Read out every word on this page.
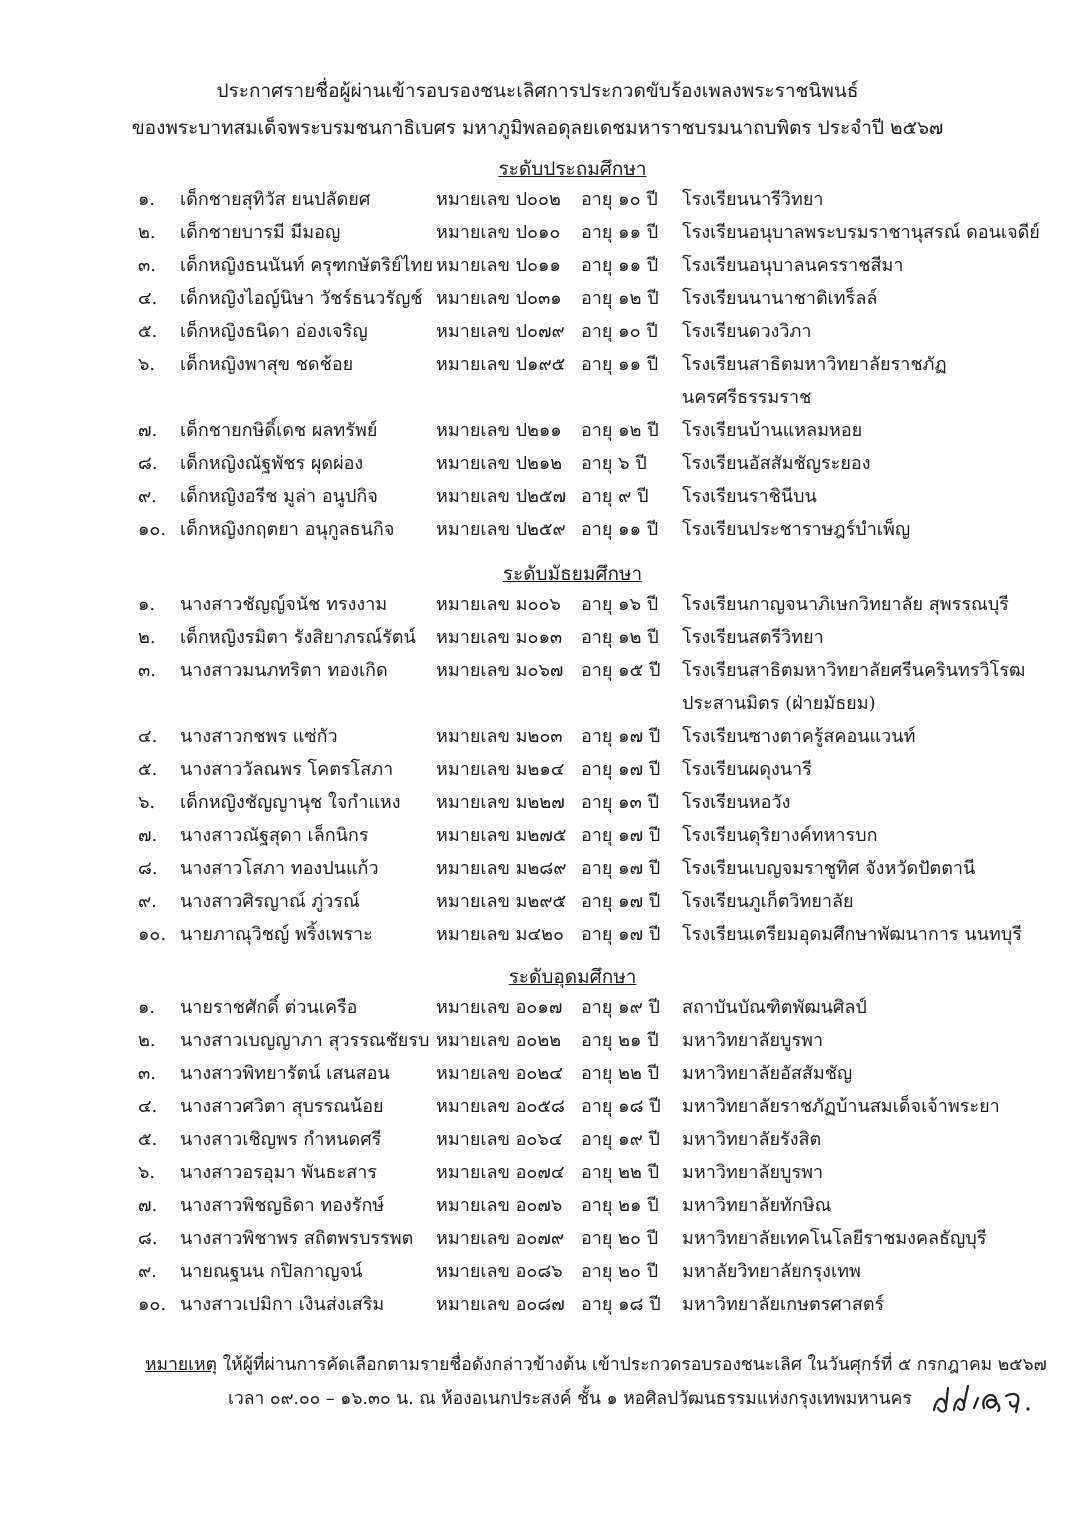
ประกาศรายชื่อผู้ผ่านเข้ารอบรองชนะเลิศการประกวดขับร้องเพลงพระราชนิพนธ์
ของพระบาทสมเด็จพระบรมชนกาธิเบศร มหาภูมิพลอดุลยเดชมหาราชบรมนาถบพิตร ประจำปี ๒๕๖๗
ระดับประถมศึกษา
๑. เด็กชายสุทิวัส ยนปลัดยศ	หมายเลข ป๐๐๒ อายุ ๑๐ ปี โรงเรียนนารีวิทยา
๒. เด็กชายบารมี มีมอญ	หมายเลข ป๐๑๐ อายุ ๑๑ ปี โรงเรียนอนุบาลพระบรมราชานุสรณ์ ดอนเจดีย์
๓. เด็กหญิงธนนันท์ ครุฑกษัตริย์ไทย หมายเลข ป๐๑๑ อายุ ๑๑ ปี โรงเรียนอนุบาลนครราชสีมา
๔. เด็กหญิงไอญ์นิษา วัชร์ธนวรัญช์ หมายเลข ป๐๓๑ อายุ ๑๒ ปี โรงเรียนนานาชาติเทร็ลล์
๕. เด็กหญิงธนิดา อ่องเจริญ	หมายเลข ป๐๗๙ อายุ ๑๐ ปี โรงเรียนดวงวิภา
๖. เด็กหญิงพาสุข ชดช้อย	หมายเลข ป๑๙๕ อายุ ๑๑ ปี โรงเรียนสาธิตมหาวิทยาลัยราชภัฏ
นครศรีธรรมราช
๗. เด็กชายกษิดิ์เดช ผลทรัพย์	หมายเลข ป๒๑๑ อายุ ๑๒ ปี โรงเรียนบ้านแหลมหอย
๘. เด็กหญิงณัฐพัชร ผุดผ่อง	หมายเลข ป๒๑๒ อายุ ๖ ปี โรงเรียนอัสสัมชัญระยอง
๙. เด็กหญิงอรีช มูล่า อนูปกิจ	หมายเลข ป๒๕๗ อายุ ๙ ปี โรงเรียนราชินีบน
๑๐. เด็กหญิงกฤตยา อนุกูลธนกิจ หมายเลข ป๒๕๙ อายุ ๑๑ ปี โรงเรียนประชาราษฎร์บำเพ็ญ
ระดับมัธยมศึกษา
๑. นางสาวชัญญ์จนัช ทรงงาม	หมายเลข ม๐๐๖ อายุ ๑๖ ปี โรงเรียนกาญจนาภิเษกวิทยาลัย สุพรรณบุรี
๒. เด็กหญิงรมิตา รังสิยาภรณ์รัตน์ หมายเลข ม๐๑๓ อายุ ๑๒ ปี โรงเรียนสตรีวิทยา
๓. นางสาวมนภทริตา ทองเกิด	หมายเลข ม๐๖๗ อายุ ๑๕ ปี โรงเรียนสาธิตมหาวิทยาลัยศรีนครินทรวิโรฒ
ประสานมิตร (ฝ่ายมัธยม)
๔. นางสาวกชพร แซ่กัว	หมายเลข ม๒๐๓ อายุ ๑๗ ปี โรงเรียนซางตาครู้สคอนแวนท์
๕. นางสาววัลณพร โคตรโสภา หมายเลข ม๒๑๔ อายุ ๑๗ ปี โรงเรียนผดุงนารี
๖. เด็กหญิงชัญญานุช ใจกำแหง หมายเลข ม๒๒๗ อายุ ๑๓ ปี โรงเรียนหอวัง
๗. นางสาวณัฐสุดา เล็กนิกร	หมายเลข ม๒๗๕ อายุ ๑๗ ปี โรงเรียนดุริยางค์ทหารบก
๘. นางสาวโสภา ทองปนแก้ว	หมายเลข ม๒๘๙ อายุ ๑๗ ปี โรงเรียนเบญจมราชูทิศ จังหวัดปัตตานี
๙. นางสาวศิรญาณ์ ภู่วรณ์	หมายเลข ม๒๙๕ อายุ ๑๗ ปี โรงเรียนภูเก็ตวิทยาลัย
๑๐. นายภาณุวิชญ์ พริ้งเพราะ	หมายเลข ม๔๒๐ อายุ ๑๗ ปี โรงเรียนเตรียมอุดมศึกษาพัฒนาการ นนทบุรี
ระดับอุดมศึกษา
๑. นายราชศักดิ์ ต่วนเครือ	หมายเลข อ๐๑๗ อายุ ๑๙ ปี สถาบันบัณฑิตพัฒนศิลป์
๒. นางสาวเบญญาภา สุวรรณชัยรบ หมายเลข อ๐๒๒ อายุ ๒๑ ปี มหาวิทยาลัยบูรพา
๓. นางสาวพิทยารัตน์ เสนสอน	หมายเลข อ๐๒๔ อายุ ๒๒ ปี มหาวิทยาลัยอัสสัมชัญ
๔. นางสาวศวิตา สุบรรณน้อย	หมายเลข อ๐๕๘ อายุ ๑๘ ปี มหาวิทยาลัยราชภัฏบ้านสมเด็จเจ้าพระยา
๕. นางสาวเชิญพร กำหนดศรี	หมายเลข อ๐๖๔ อายุ ๑๙ ปี มหาวิทยาลัยรังสิต
๖. นางสาวอรอุมา พันธะสาร	หมายเลข อ๐๗๔ อายุ ๒๒ ปี มหาวิทยาลัยบูรพา
๗. นางสาวพิชญธิดา ทองรักษ์	หมายเลข อ๐๗๖ อายุ ๒๑ ปี มหาวิทยาลัยทักษิณ
๘. นางสาวพิชาพร สถิตพรบรรพต หมายเลข อ๐๗๙ อายุ ๒๐ ปี มหาวิทยาลัยเทคโนโลยีราชมงคลธัญบุรี
๙. นายณฐนน กปิลกาญจน์	หมายเลข อ๐๘๖ อายุ ๒๐ ปี มหาลัยวิทยาลัยกรุงเทพ
๑๐. นางสาวเปมิกา เงินส่งเสริม	หมายเลข อ๐๘๗ อายุ ๑๘ ปี มหาวิทยาลัยเกษตรศาสตร์
หมายเหตุ ให้ผู้ที่ผ่านการคัดเลือกตามรายชื่อดังกล่าวข้างต้น เข้าประกวดรอบรองชนะเลิศ ในวันศุกร์ที่ ๕ กรกฎาคม ๒๕๖๗
เวลา ๐๙.๐๐ – ๑๖.๓๐ น. ณ ห้องอเนกประสงค์ ชั้น ๑ หอศิลปวัฒนธรรมแห่งกรุงเทพมหานคร
